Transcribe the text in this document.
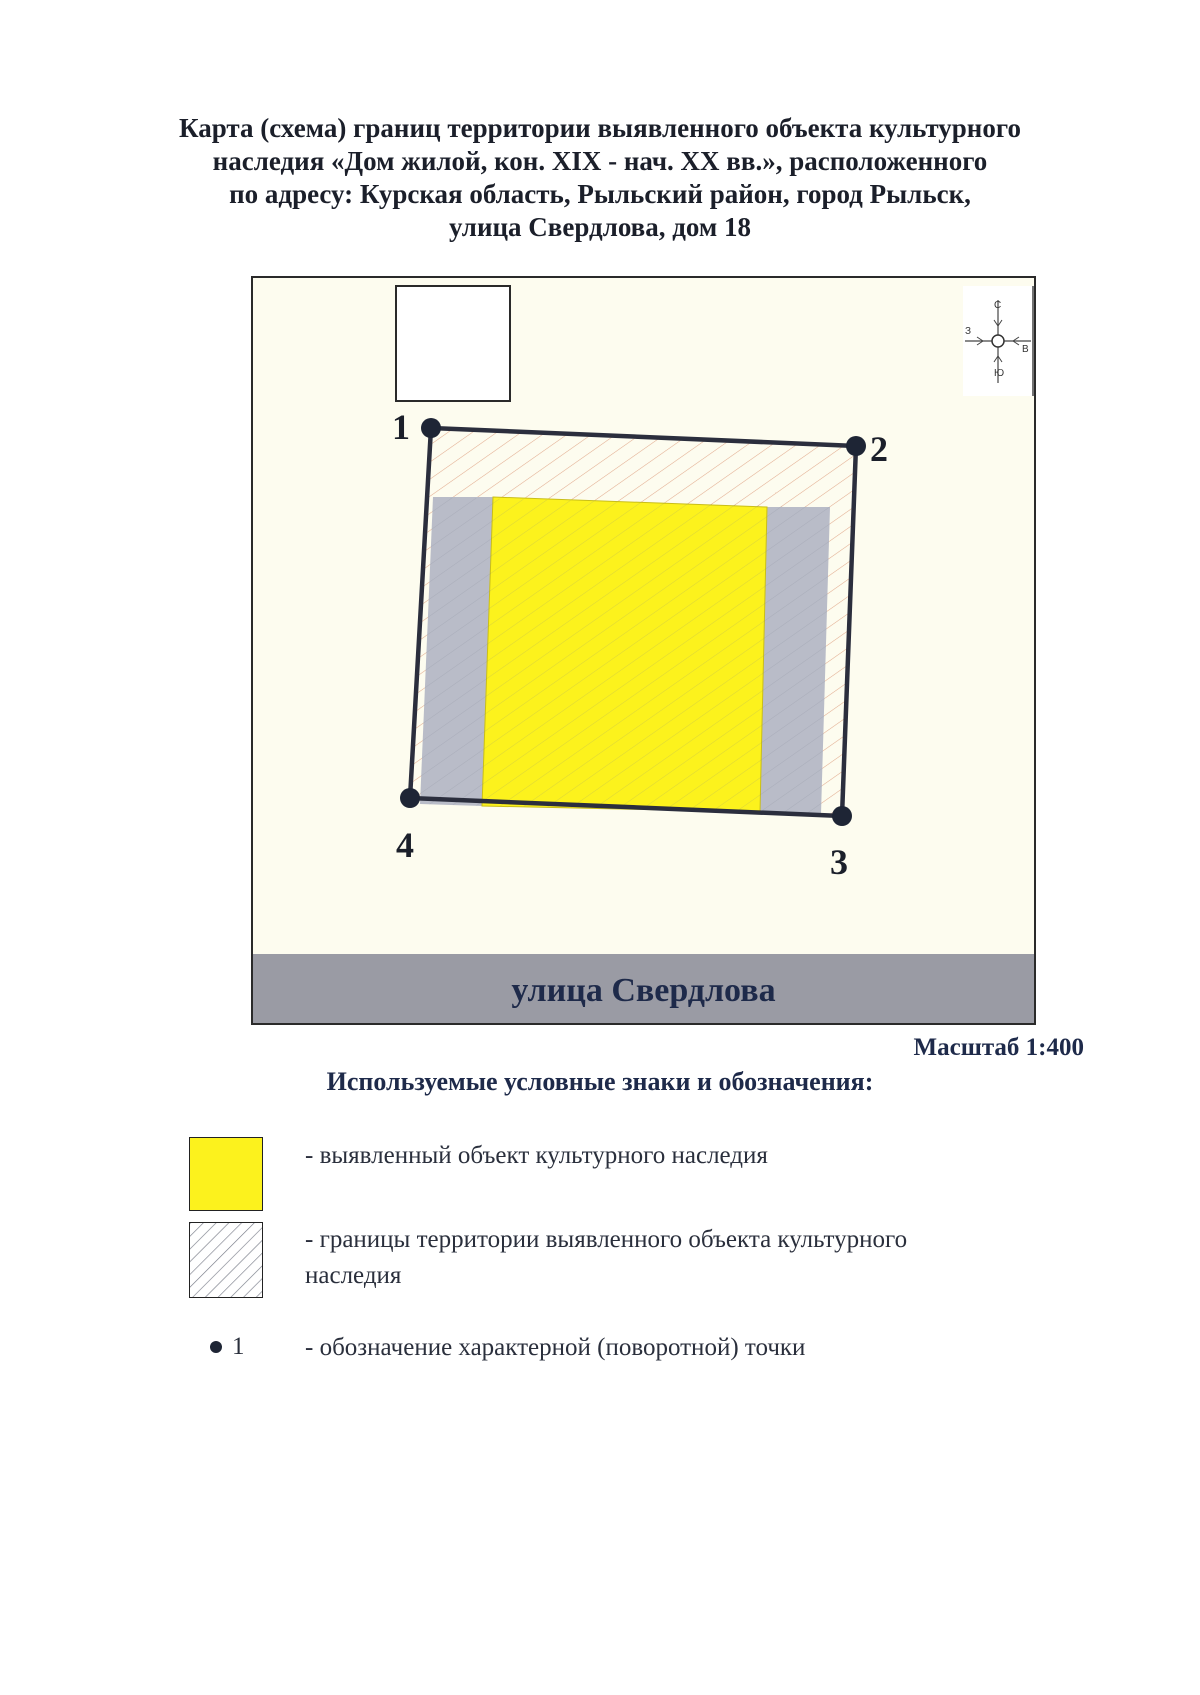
Карта (схема) границ территории выявленного объекта культурного
наследия «Дом жилой, кон. XIX - нач. XX вв.», расположенного
по адресу: Курская область, Рыльский район, город Рыльск,
улица Свердлова, дом 18
С
Ю
З
В
1
2
3
4
улица Свердлова
Масштаб 1:400
Используемые условные знаки и обозначения:
- выявленный объект культурного наследия
- границы территории выявленного объекта культурного
наследия
1 - обозначение характерной (поворотной) точки
